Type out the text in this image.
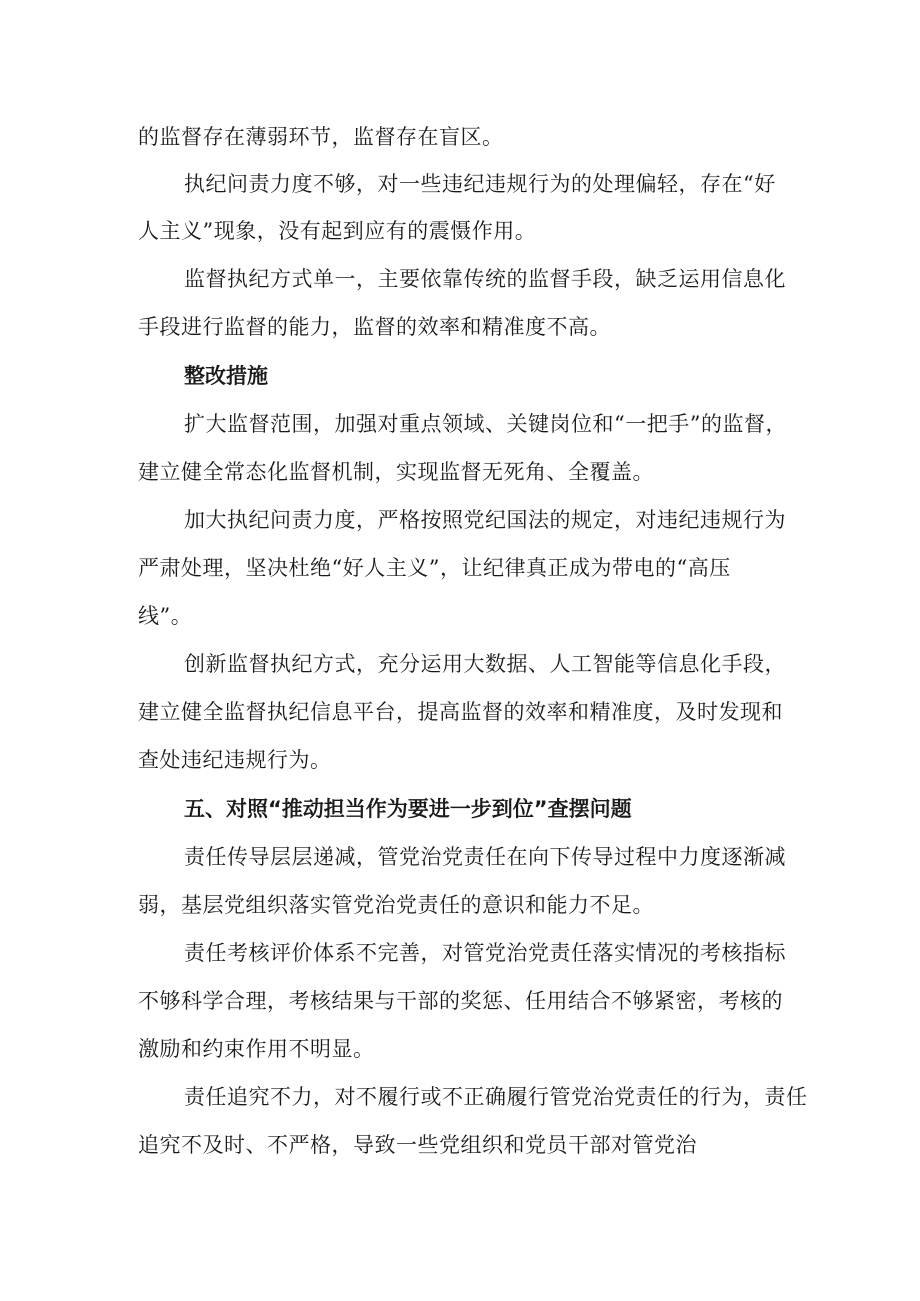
的监督存在薄弱环节，监督存在盲区。
执纪问责力度不够，对一些违纪违规行为的处理偏轻，存在“好
人主义”现象，没有起到应有的震慑作用。
监督执纪方式单一，主要依靠传统的监督手段，缺乏运用信息化
手段进行监督的能力，监督的效率和精准度不高。
整改措施
扩大监督范围，加强对重点领域、关键岗位和“一把手”的监督，
建立健全常态化监督机制，实现监督无死角、全覆盖。
加大执纪问责力度，严格按照党纪国法的规定，对违纪违规行为
严肃处理，坚决杜绝“好人主义”，让纪律真正成为带电的“高压
线”。
创新监督执纪方式，充分运用大数据、人工智能等信息化手段，
建立健全监督执纪信息平台，提高监督的效率和精准度，及时发现和
查处违纪违规行为。
五、对照“推动担当作为要进一步到位”查摆问题
责任传导层层递减，管党治党责任在向下传导过程中力度逐渐减
弱，基层党组织落实管党治党责任的意识和能力不足。
责任考核评价体系不完善，对管党治党责任落实情况的考核指标
不够科学合理，考核结果与干部的奖惩、任用结合不够紧密，考核的
激励和约束作用不明显。
责任追究不力，对不履行或不正确履行管党治党责任的行为，责任
追究不及时、不严格，导致一些党组织和党员干部对管党治
